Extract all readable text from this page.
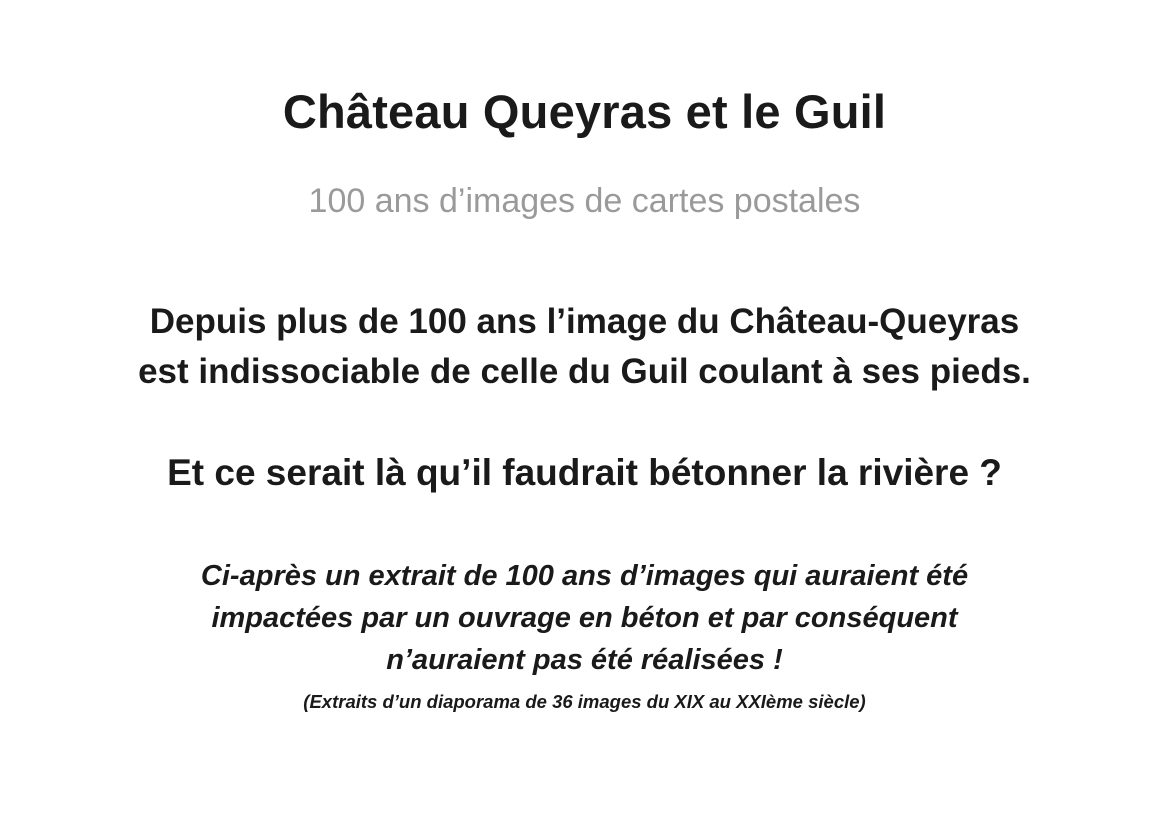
Château Queyras et le Guil
100 ans d’images de cartes postales
Depuis plus de 100 ans l’image du Château-Queyras
est indissociable de celle du Guil coulant à ses pieds.
Et ce serait là qu’il faudrait bétonner la rivière ?
Ci-après un extrait de 100 ans d’images qui auraient été
impactées par un ouvrage en béton et par conséquent
n’auraient pas été réalisées !
(Extraits d’un diaporama de 36 images du XIX au XXIème siècle)
